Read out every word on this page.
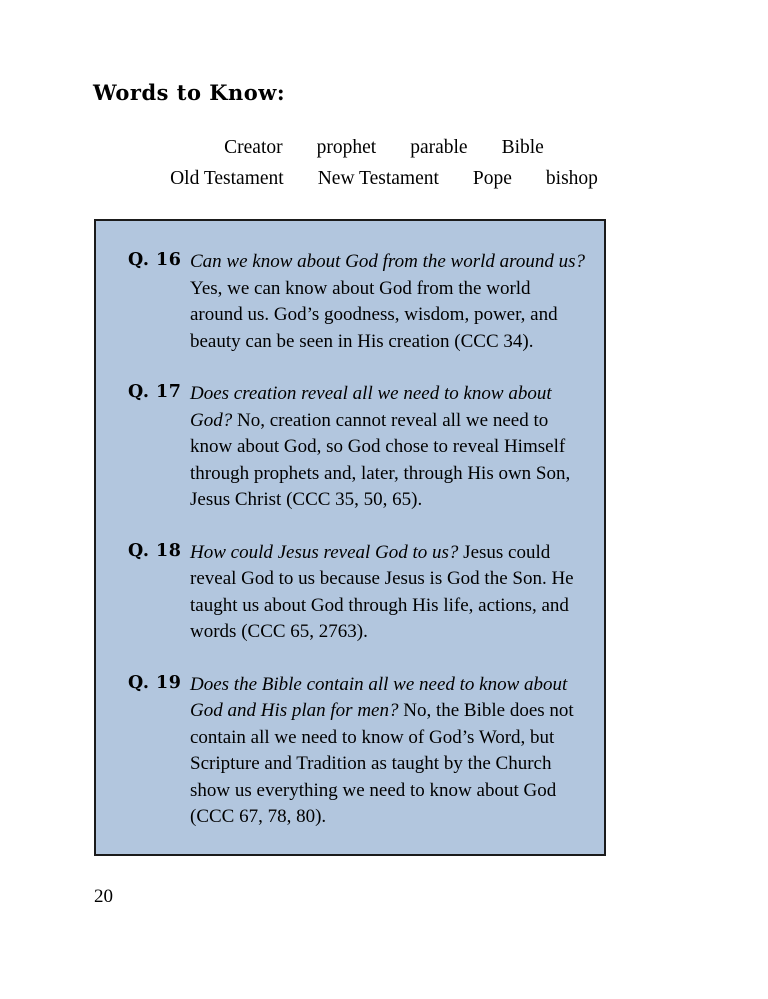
Words to Know:
Creator prophet parable Bible
Old Testament New Testament Pope bishop
Q. 16 Can we know about God from the world around us? Yes, we can know about God from the world around us. God’s goodness, wisdom, power, and beauty can be seen in His creation (CCC 34).
Q. 17 Does creation reveal all we need to know about God? No, creation cannot reveal all we need to know about God, so God chose to reveal Himself through prophets and, later, through His own Son, Jesus Christ (CCC 35, 50, 65).
Q. 18 How could Jesus reveal God to us? Jesus could reveal God to us because Jesus is God the Son. He taught us about God through His life, actions, and words (CCC 65, 2763).
Q. 19 Does the Bible contain all we need to know about God and His plan for men? No, the Bible does not contain all we need to know of God’s Word, but Scripture and Tradition as taught by the Church show us everything we need to know about God (CCC 67, 78, 80).
20
